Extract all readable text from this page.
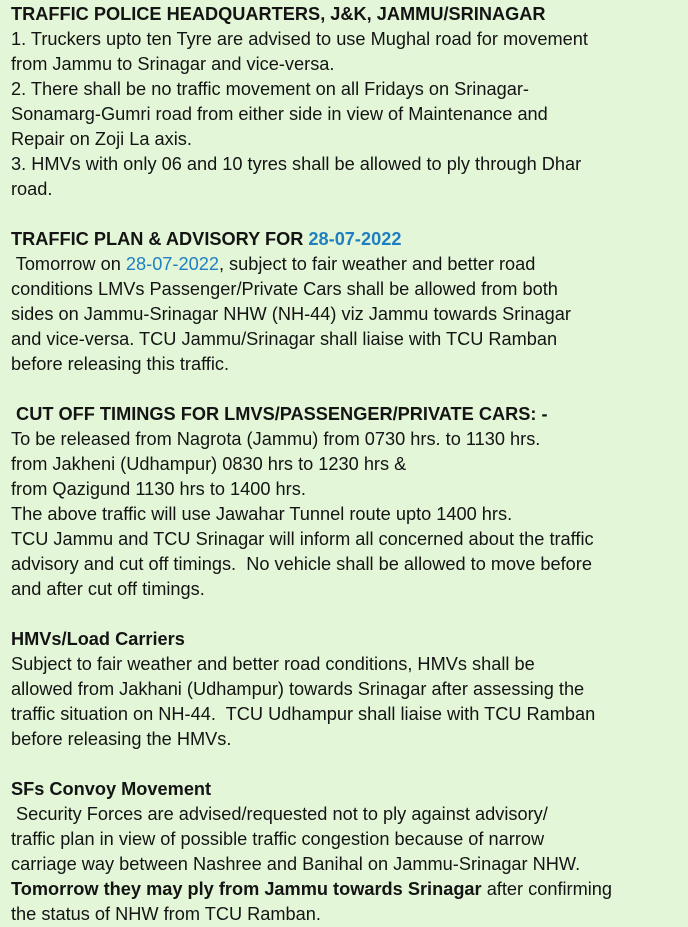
TRAFFIC POLICE HEADQUARTERS, J&K, JAMMU/SRINAGAR
1. Truckers upto ten Tyre are advised to use Mughal road for movement
from Jammu to Srinagar and vice-versa.
2. There shall be no traffic movement on all Fridays on Srinagar-
Sonamarg-Gumri road from either side in view of Maintenance and
Repair on Zoji La axis.
3. HMVs with only 06 and 10 tyres shall be allowed to ply through Dhar
road.
TRAFFIC PLAN & ADVISORY FOR 28-07-2022
Tomorrow on 28-07-2022, subject to fair weather and better road
conditions LMVs Passenger/Private Cars shall be allowed from both
sides on Jammu-Srinagar NHW (NH-44) viz Jammu towards Srinagar
and vice-versa. TCU Jammu/Srinagar shall liaise with TCU Ramban
before releasing this traffic.
CUT OFF TIMINGS FOR LMVS/PASSENGER/PRIVATE CARS: -
To be released from Nagrota (Jammu) from 0730 hrs. to 1130 hrs.
from Jakheni (Udhampur) 0830 hrs to 1230 hrs &
from Qazigund 1130 hrs to 1400 hrs.
The above traffic will use Jawahar Tunnel route upto 1400 hrs.
TCU Jammu and TCU Srinagar will inform all concerned about the traffic
advisory and cut off timings.  No vehicle shall be allowed to move before
and after cut off timings.
HMVs/Load Carriers
Subject to fair weather and better road conditions, HMVs shall be
allowed from Jakhani (Udhampur) towards Srinagar after assessing the
traffic situation on NH-44.  TCU Udhampur shall liaise with TCU Ramban
before releasing the HMVs.
SFs Convoy Movement
Security Forces are advised/requested not to ply against advisory/
traffic plan in view of possible traffic congestion because of narrow
carriage way between Nashree and Banihal on Jammu-Srinagar NHW.
Tomorrow they may ply from Jammu towards Srinagar after confirming
the status of NHW from TCU Ramban.
